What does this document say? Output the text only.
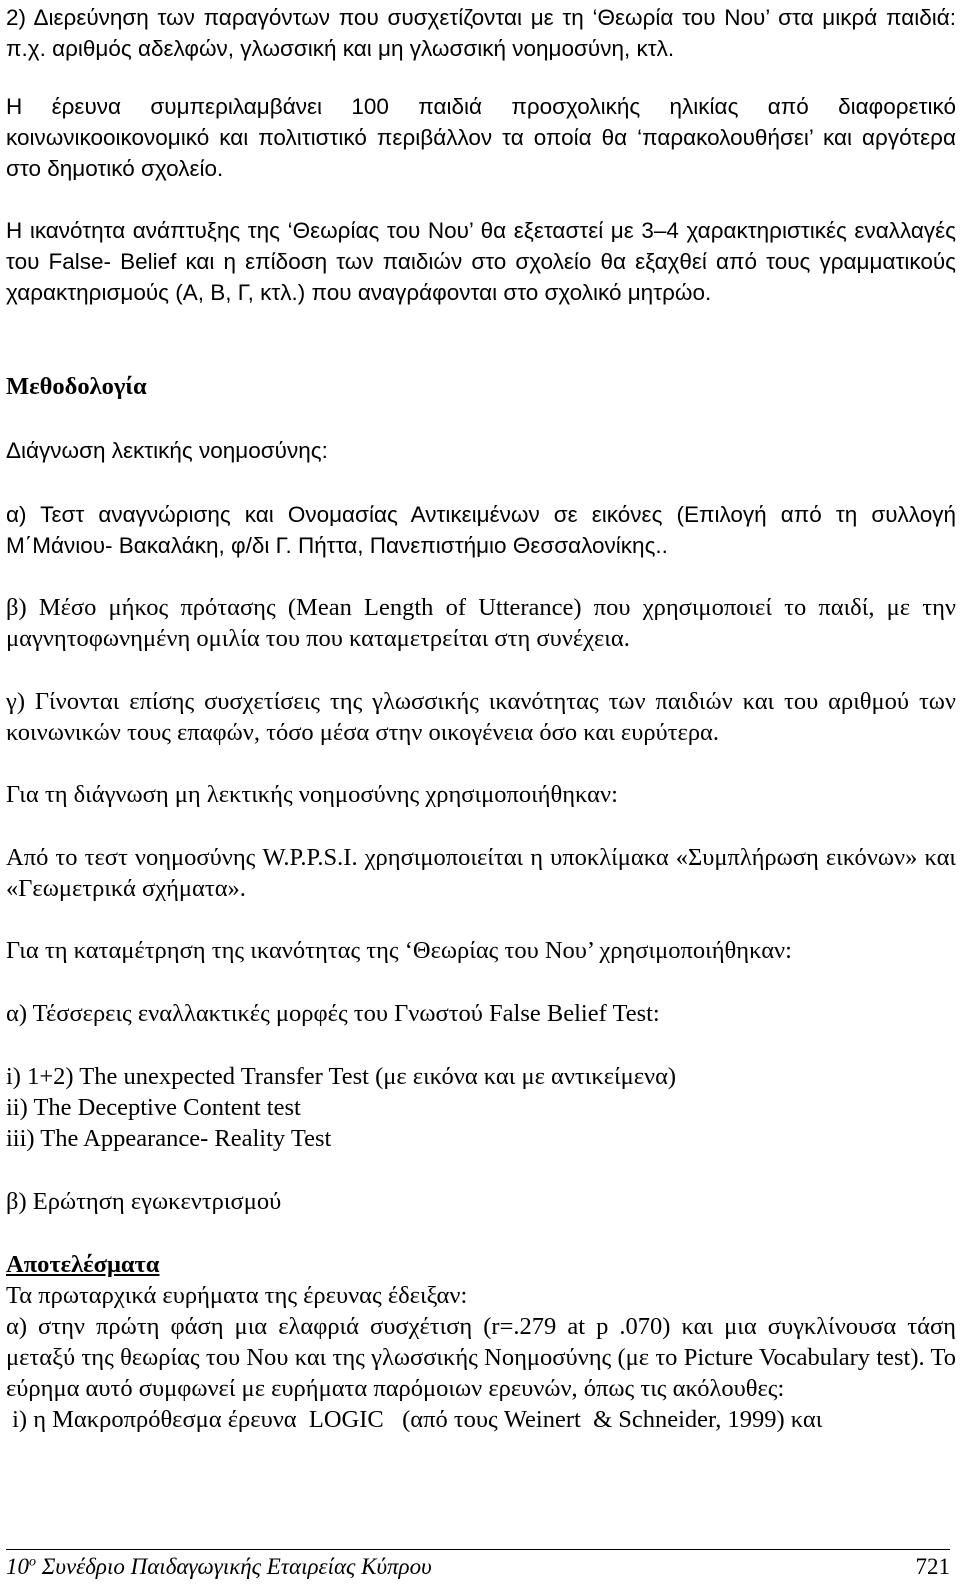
2) Διερεύνηση των παραγόντων που συσχετίζονται με τη ‘Θεωρία του Νου’ στα μικρά παιδιά: π.χ. αριθμός αδελφών, γλωσσική και μη γλωσσική νοημοσύνη, κτλ.

Η έρευνα συμπεριλαμβάνει 100 παιδιά προσχολικής ηλικίας από διαφορετικό κοινωνικοοικονομικό και πολιτιστικό περιβάλλον τα οποία θα ‘παρακολουθήσει’ και αργότερα στο δημοτικό σχολείο.

Η ικανότητα ανάπτυξης της ‘Θεωρίας του Νου’ θα εξεταστεί με 3–4 χαρακτηριστικές εναλλαγές του False- Belief και η επίδοση των παιδιών στο σχολείο θα εξαχθεί από τους γραμματικούς χαρακτηρισμούς (Α, Β, Γ, κτλ.) που αναγράφονται στο σχολικό μητρώο.

Μεθοδολογία

Διάγνωση λεκτικής νοημοσύνης:

α) Τεστ αναγνώρισης και Ονομασίας Αντικειμένων σε εικόνες (Επιλογή από τη συλλογή Μ΄Μάνιου- Βακαλάκη, φ/δι Γ. Πήττα, Πανεπιστήμιο Θεσσαλονίκης..

β) Μέσο μήκος πρότασης (Mean Length of Utterance) που χρησιμοποιεί το παιδί, με την μαγνητοφωνημένη ομιλία του που καταμετρείται στη συνέχεια.

γ) Γίνονται επίσης συσχετίσεις της γλωσσικής ικανότητας των παιδιών και του αριθμού των κοινωνικών τους επαφών, τόσο μέσα στην οικογένεια όσο και ευρύτερα.

Για τη διάγνωση μη λεκτικής νοημοσύνης χρησιμοποιήθηκαν:

Από το τεστ νοημοσύνης W.P.P.S.I. χρησιμοποιείται η υποκλίμακα «Συμπλήρωση εικόνων» και «Γεωμετρικά σχήματα».

Για τη καταμέτρηση της ικανότητας της ‘Θεωρίας του Νου’ χρησιμοποιήθηκαν:

α) Τέσσερεις εναλλακτικές μορφές του Γνωστού False Belief Test:

i) 1+2) The unexpected Transfer Test (με εικόνα και με αντικείμενα)
ii) The Deceptive Content test
iii) The Appearance- Reality Test

β) Ερώτηση εγωκεντρισμού

Αποτελέσματα

Τα πρωταρχικά ευρήματα της έρευνας έδειξαν:
α) στην πρώτη φάση μια ελαφριά συσχέτιση (r=.279 at p .070) και μια συγκλίνουσα τάση μεταξύ της θεωρίας του Νου και της γλωσσικής Νοημοσύνης (με το Picture Vocabulary test). Το εύρημα αυτό συμφωνεί με ευρήματα παρόμοιων ερευνών, όπως τις ακόλουθες:
i) η Μακροπρόθεσμα έρευνα  LOGIC   (από τους Weinert  & Schneider, 1999) και
$10^o$ Συνέδριο Παιδαγωγικής Εταιρείας Κύπρου	721
